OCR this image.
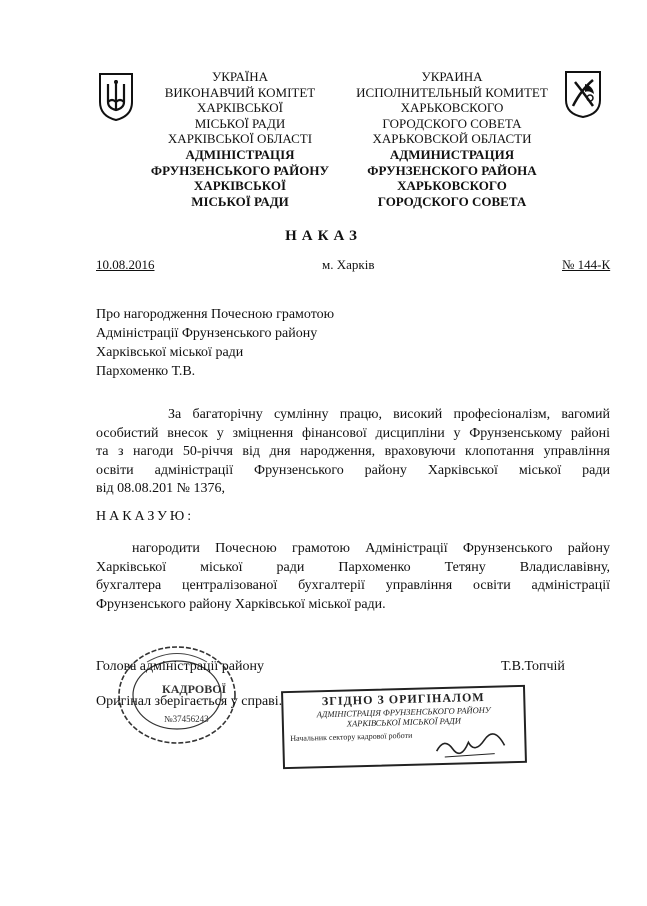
УКРАЇНА
ВИКОНАВЧИЙ КОМІТЕТ
ХАРКІВСЬКОЇ
МІСЬКОЇ РАДИ
ХАРКІВСЬКОЇ ОБЛАСТІ
АДМІНІСТРАЦІЯ
ФРУНЗЕНСЬКОГО РАЙОНУ
ХАРКІВСЬКОЇ
МІСЬКОЇ РАДИ
УКРАИНА
ИСПОЛНИТЕЛЬНЫЙ КОМИТЕТ
ХАРЬКОВСКОГО
ГОРОДСКОГО СОВЕТА
ХАРЬКОВСКОЙ ОБЛАСТИ
АДМИНИСТРАЦИЯ
ФРУНЗЕНСКОГО РАЙОНА
ХАРЬКОВСКОГО
ГОРОДСКОГО СОВЕТА
НАКАЗ
10.08.2016	м. Харків	№ 144-К
Про нагородження Почесною грамотою
Адміністрації Фрунзенського району
Харківської міської ради
Пархоменко Т.В.
За багаторічну сумлінну працю, високий професіоналізм, вагомий
особистий внесок у зміцнення фінансової дисципліни у Фрунзенському районі
та з нагоди 50-річчя від дня народження, враховуючи клопотання управління
освіти адміністрації Фрунзенського району Харківської міської ради
від 08.08.201 № 1376,
НАКАЗУЮ:
нагородити Почесною грамотою Адміністрації Фрунзенського району
Харківської міської ради Пархоменко Тетяну Владиславівну,
бухгалтера централізованої бухгалтерії управління освіти адміністрації
Фрунзенського району Харківської міської ради.
КАДРОВОЇ
№37456243
Голова адміністрації району	Т.В.Топчій
Оригінал зберігається у справі.	ЗГІДНО З ОРИГІНАЛОМ
АДМІНІСТРАЦІЯ ФРУНЗЕНСЬКОГО РАЙОНУ
ХАРКІВСЬКОЇ МІСЬКОЇ РАДИ
Начальник сектору кадрової роботи
